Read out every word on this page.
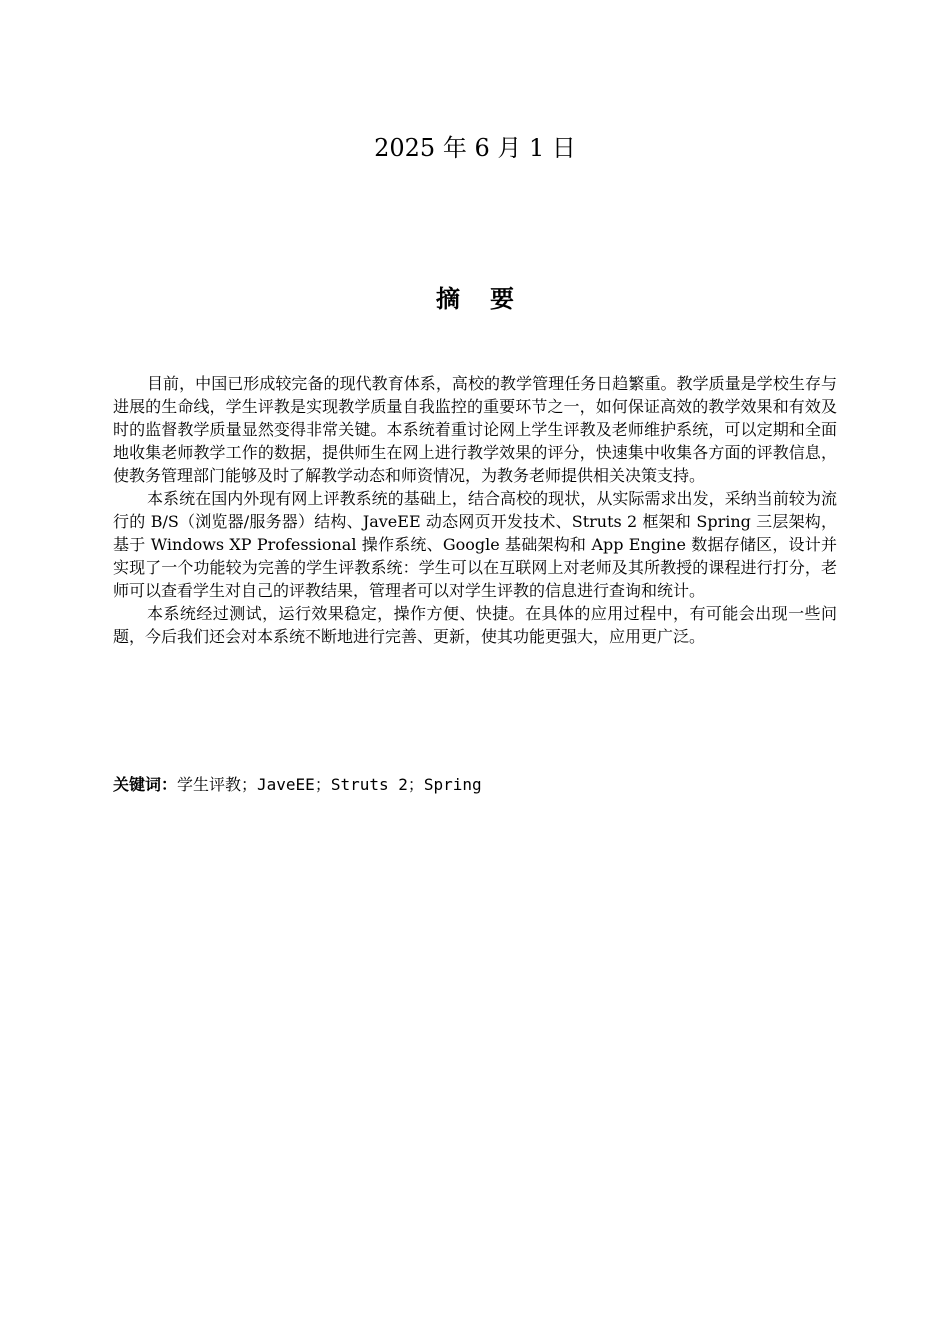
2025 年 6 月 1 日
摘要

目前，中国已形成较完备的现代教育体系，高校的教学管理任务日趋繁重。教学质量是学校生存与进展的生命线，学生评教是实现教学质量自我监控的重要环节之一，如何保证高效的教学效果和有效及时的监督教学质量显然变得非常关键。本系统着重讨论网上学生评教及老师维护系统，可以定期和全面地收集老师教学工作的数据，提供师生在网上进行教学效果的评分，快速集中收集各方面的评教信息，使教务管理部门能够及时了解教学动态和师资情况，为教务老师提供相关决策支持。

本系统在国内外现有网上评教系统的基础上，结合高校的现状，从实际需求出发，采纳当前较为流行的 B/S（浏览器/服务器）结构、JaveEE 动态网页开发技术、Struts 2 框架和 Spring 三层架构，基于 Windows XP Professional 操作系统、Google 基础架构和 App Engine 数据存储区，设计并实现了一个功能较为完善的学生评教系统：学生可以在互联网上对老师及其所教授的课程进行打分，老师可以查看学生对自己的评教结果，管理者可以对学生评教的信息进行查询和统计。

本系统经过测试，运行效果稳定，操作方便、快捷。在具体的应用过程中，有可能会出现一些问题，今后我们还会对本系统不断地进行完善、更新，使其功能更强大，应用更广泛。

关键词：学生评教；JaveEE；Struts 2；Spring
